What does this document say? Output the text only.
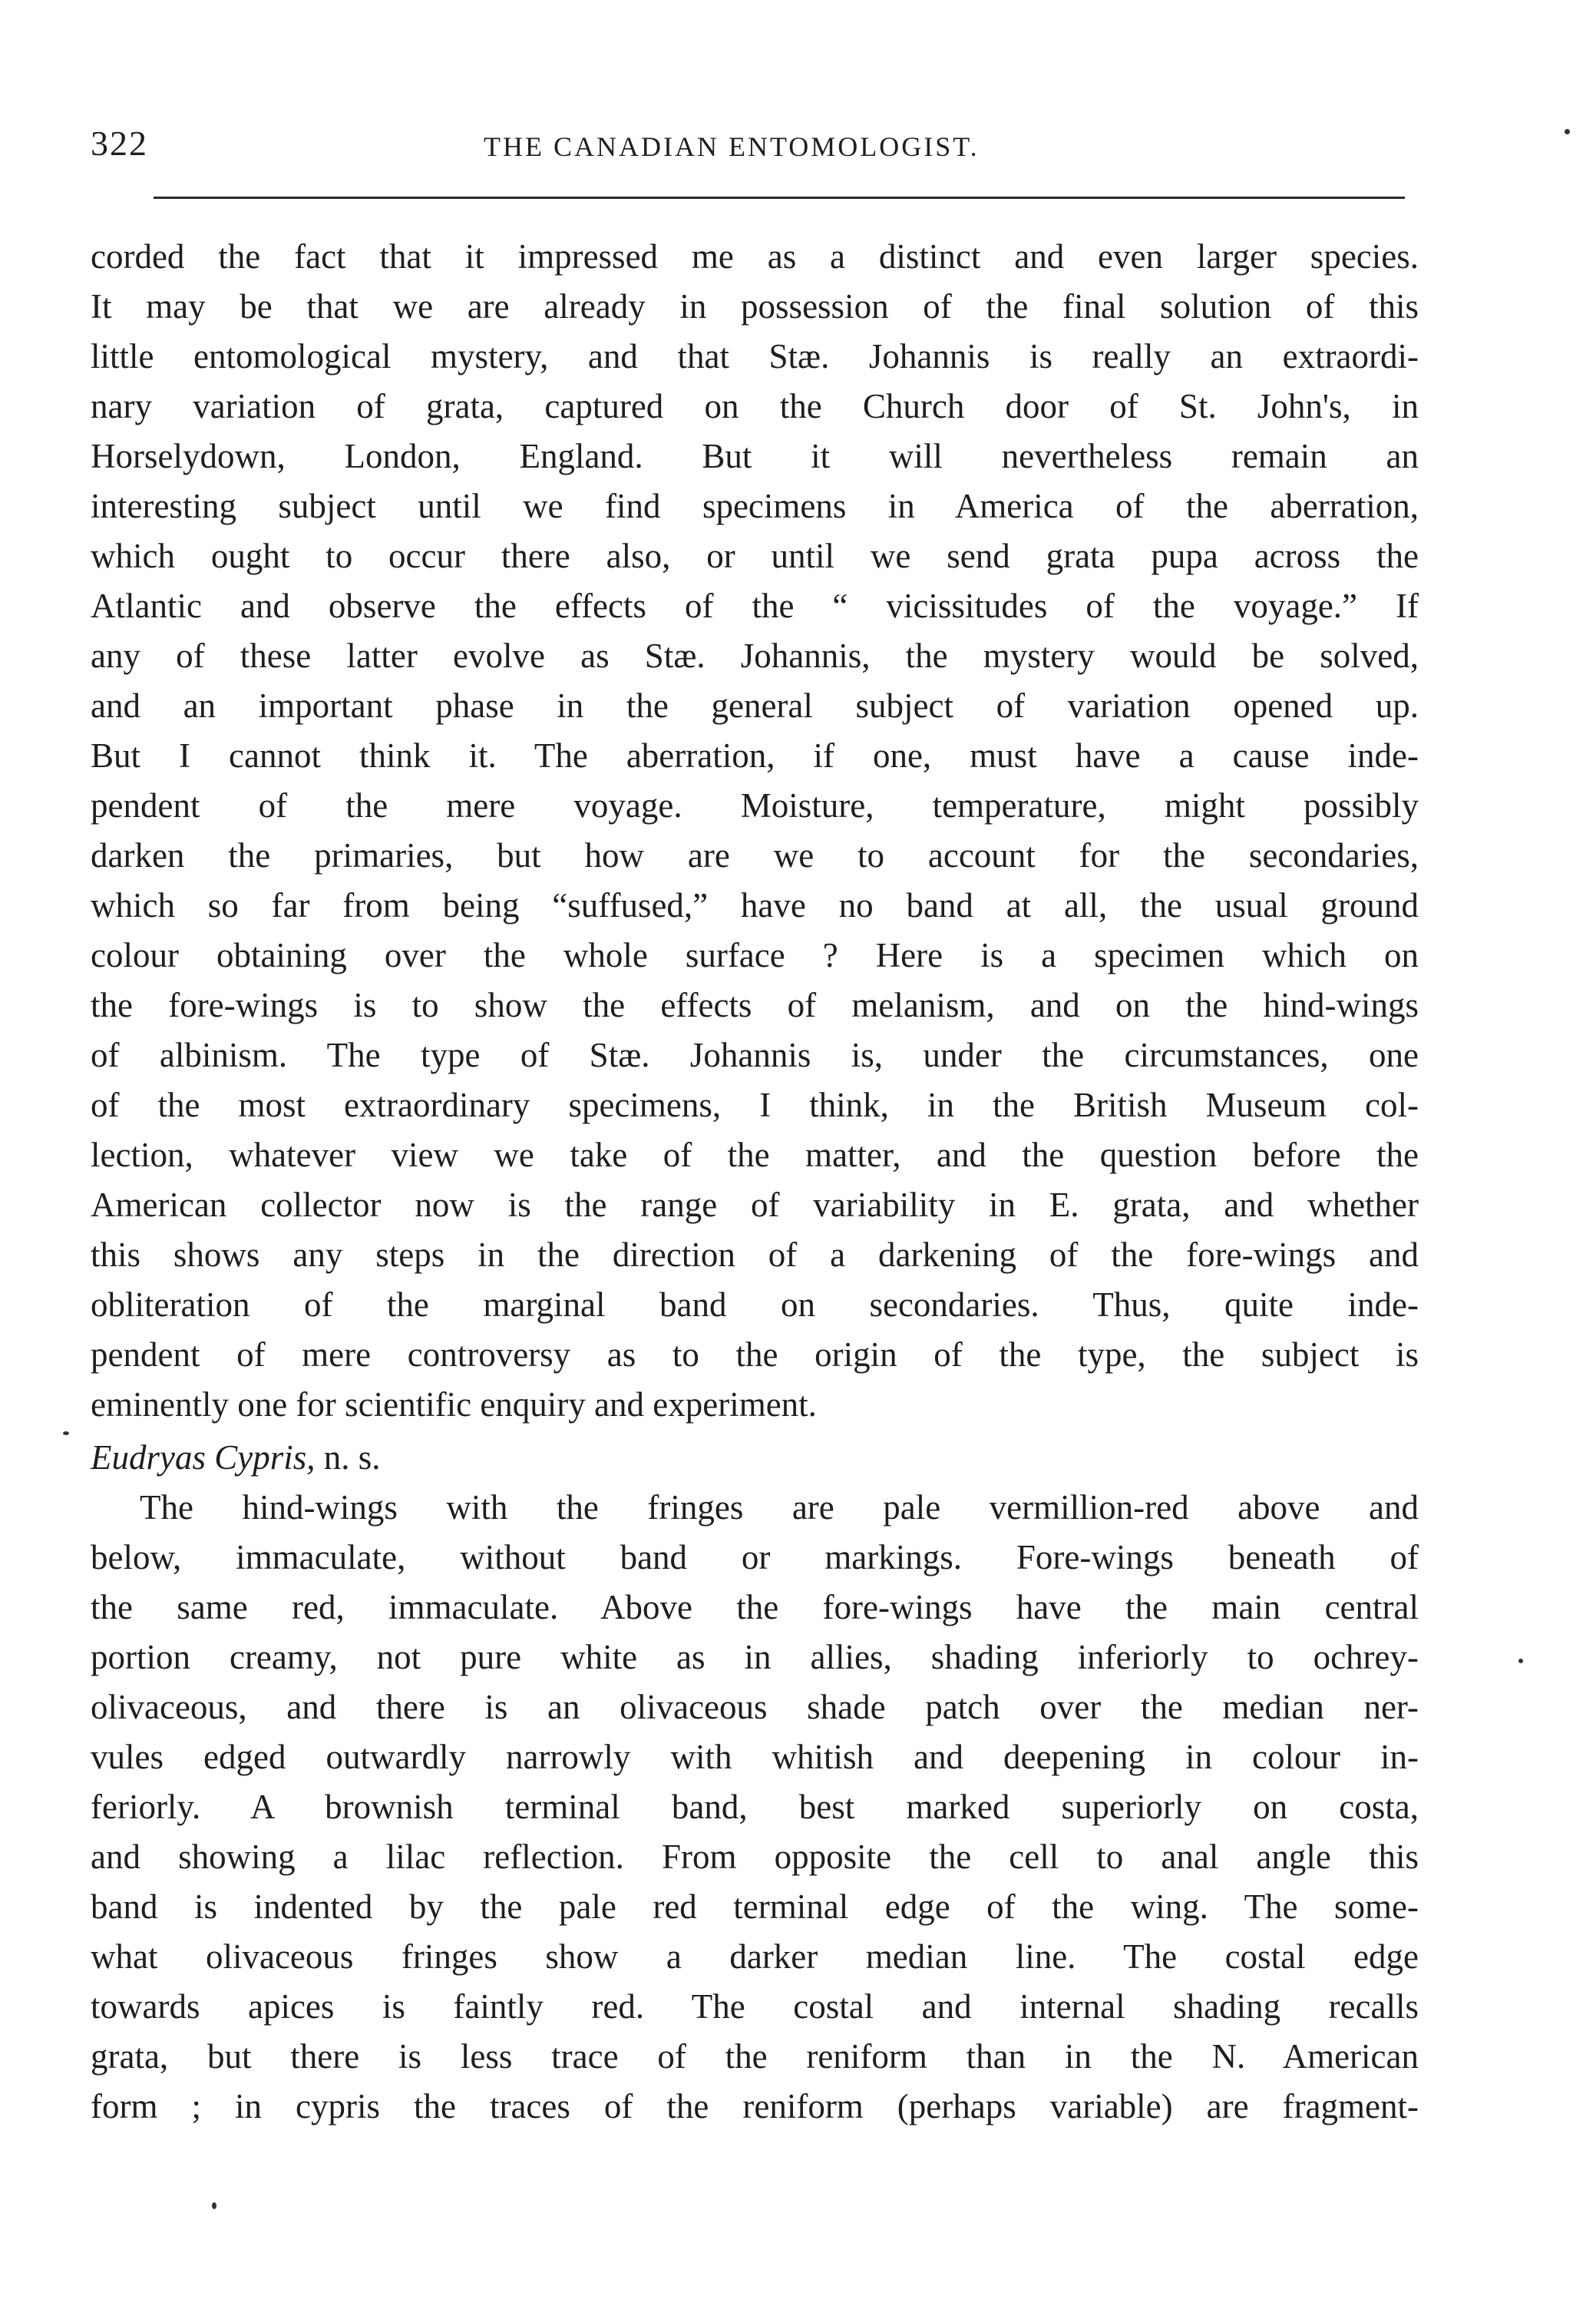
322	THE CANADIAN ENTOMOLOGIST.
corded the fact that it impressed me as a distinct and even larger species.
It may be that we are already in possession of the final solution of this
little entomological mystery, and that Stæ. Johannis is really an extraordi-
nary variation of grata, captured on the Church door of St. John's, in
Horselydown, London, England. But it will nevertheless remain an
interesting subject until we find specimens in America of the aberration,
which ought to occur there also, or until we send grata pupa across the
Atlantic and observe the effects of the “ vicissitudes of the voyage.” If
any of these latter evolve as Stæ. Johannis, the mystery would be solved,
and an important phase in the general subject of variation opened up.
But I cannot think it. The aberration, if one, must have a cause inde-
pendent of the mere voyage. Moisture, temperature, might possibly
darken the primaries, but how are we to account for the secondaries,
which so far from being “suffused,” have no band at all, the usual ground
colour obtaining over the whole surface ? Here is a specimen which on
the fore-wings is to show the effects of melanism, and on the hind-wings
of albinism. The type of Stæ. Johannis is, under the circumstances, one
of the most extraordinary specimens, I think, in the British Museum col-
lection, whatever view we take of the matter, and the question before the
American collector now is the range of variability in E. grata, and whether
this shows any steps in the direction of a darkening of the fore-wings and
obliteration of the marginal band on secondaries. Thus, quite inde-
pendent of mere controversy as to the origin of the type, the subject is
eminently one for scientific enquiry and experiment.
Eudryas Cypris, n. s.
The hind-wings with the fringes are pale vermillion-red above and
below, immaculate, without band or markings. Fore-wings beneath of
the same red, immaculate. Above the fore-wings have the main central
portion creamy, not pure white as in allies, shading inferiorly to ochrey-
olivaceous, and there is an olivaceous shade patch over the median ner-
vules edged outwardly narrowly with whitish and deepening in colour in-
feriorly. A brownish terminal band, best marked superiorly on costa,
and showing a lilac reflection. From opposite the cell to anal angle this
band is indented by the pale red terminal edge of the wing. The some-
what olivaceous fringes show a darker median line. The costal edge
towards apices is faintly red. The costal and internal shading recalls
grata, but there is less trace of the reniform than in the N. American
form ; in cypris the traces of the reniform (perhaps variable) are fragment-
